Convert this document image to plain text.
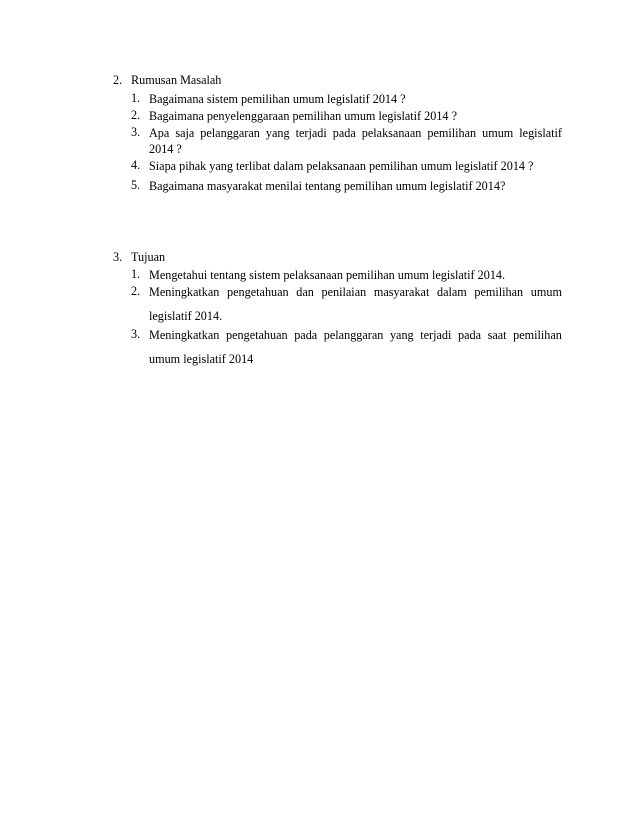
2. Rumusan Masalah
1. Bagaimana sistem pemilihan umum legislatif 2014 ?
2. Bagaimana penyelenggaraan pemilihan umum legislatif 2014 ?
3. Apa saja pelanggaran yang terjadi pada pelaksanaan pemilihan umum legislatif
2014 ?
4. Siapa pihak yang terlibat dalam pelaksanaan pemilihan umum legislatif 2014 ?
5. Bagaimana masyarakat menilai tentang pemilihan umum legislatif 2014?
3. Tujuan
1. Mengetahui tentang sistem pelaksanaan pemilihan umum legislatif 2014.
2. Meningkatkan pengetahuan dan penilaian masyarakat dalam pemilihan umum
legislatif 2014.
3. Meningkatkan pengetahuan pada pelanggaran yang terjadi pada saat pemilihan
umum legislatif 2014
